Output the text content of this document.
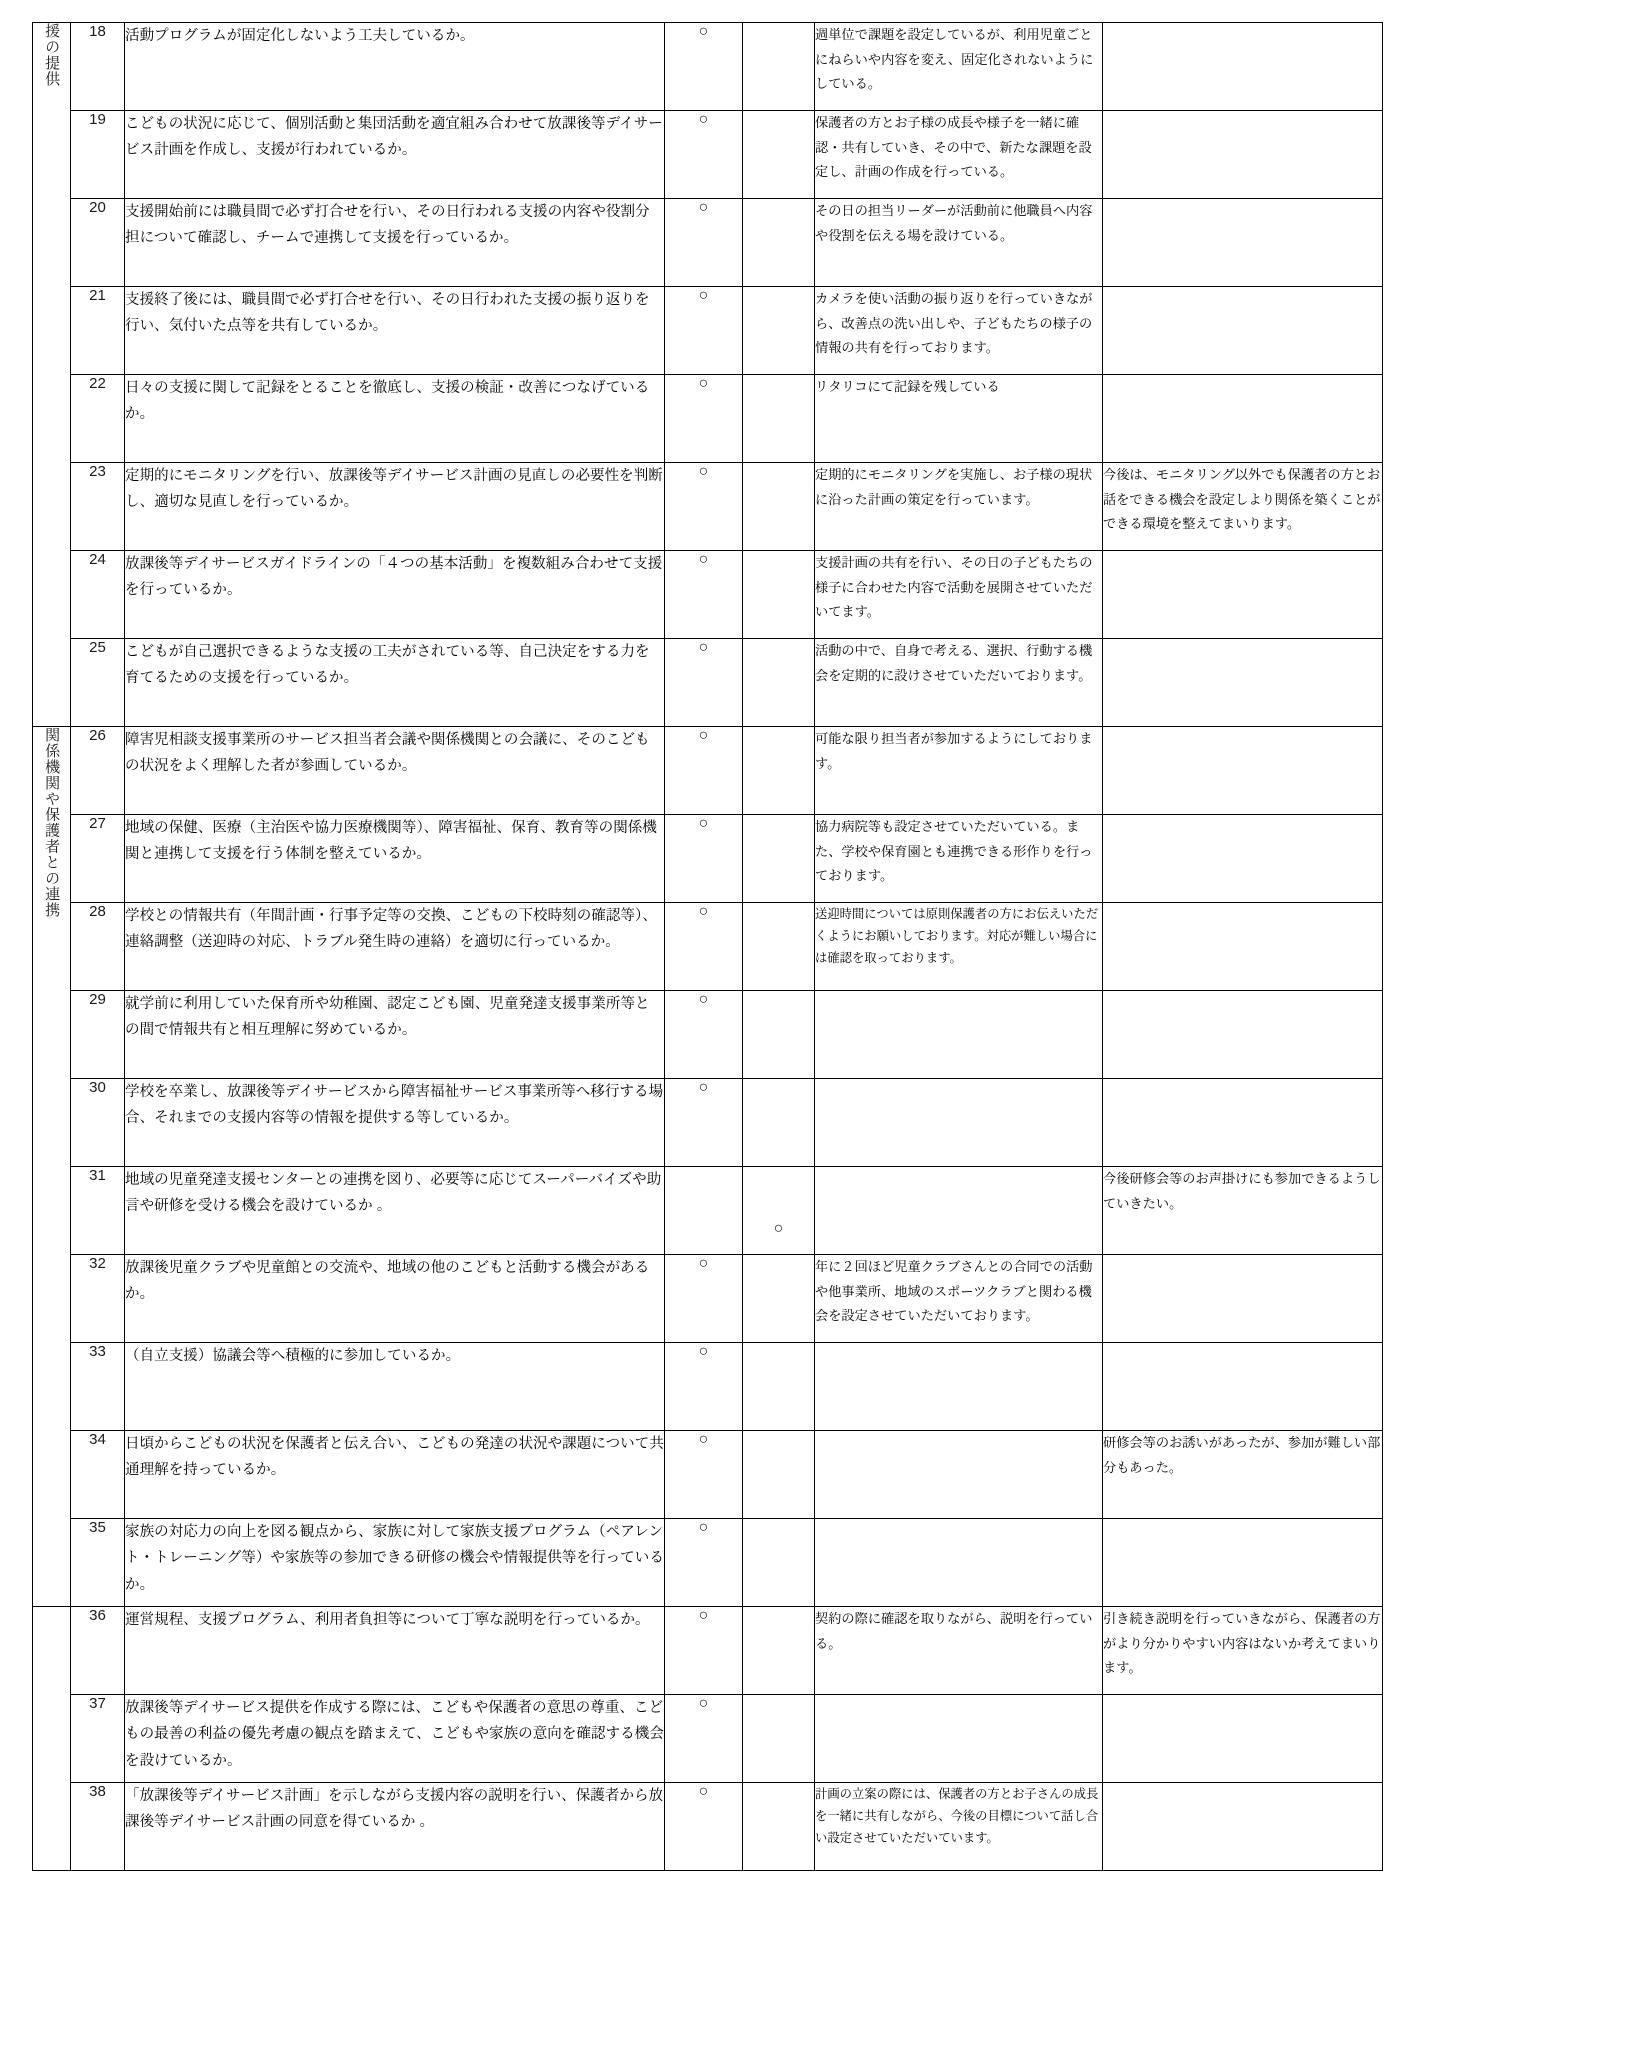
援の提供	18	活動プログラムが固定化しないよう工夫しているか。	○		週単位で課題を設定しているが、利用児童ごとにねらいや内容を変え、固定化されないようにしている。	
	19	こどもの状況に応じて、個別活動と集団活動を適宜組み合わせて放課後等デイサービス計画を作成し、支援が行われているか。	○		保護者の方とお子様の成長や様子を一緒に確認・共有していき、その中で、新たな課題を設定し、計画の作成を行っている。	
	20	支援開始前には職員間で必ず打合せを行い、その日行われる支援の内容や役割分担について確認し、チームで連携して支援を行っているか。	○		その日の担当リーダーが活動前に他職員へ内容や役割を伝える場を設けている。	
	21	支援終了後には、職員間で必ず打合せを行い、その日行われた支援の振り返りを行い、気付いた点等を共有しているか。	○		カメラを使い活動の振り返りを行っていきながら、改善点の洗い出しや、子どもたちの様子の情報の共有を行っております。	
	22	日々の支援に関して記録をとることを徹底し、支援の検証・改善につなげているか。	○		リタリコにて記録を残している	
	23	定期的にモニタリングを行い、放課後等デイサービス計画の見直しの必要性を判断し、適切な見直しを行っているか。	○		定期的にモニタリングを実施し、お子様の現状に沿った計画の策定を行っています。	今後は、モニタリング以外でも保護者の方とお話をできる機会を設定しより関係を築くことができる環境を整えてまいります。
	24	放課後等デイサービスガイドラインの「４つの基本活動」を複数組み合わせて支援を行っているか。	○		支援計画の共有を行い、その日の子どもたちの様子に合わせた内容で活動を展開させていただいてます。	
	25	こどもが自己選択できるような支援の工夫がされている等、自己決定をする力を育てるための支援を行っているか。	○		活動の中で、自身で考える、選択、行動する機会を定期的に設けさせていただいております。	
関係機関や保護者との連携	26	障害児相談支援事業所のサービス担当者会議や関係機関との会議に、そのこどもの状況をよく理解した者が参画しているか。	○		可能な限り担当者が参加するようにしております。	
	27	地域の保健、医療（主治医や協力医療機関等）、障害福祉、保育、教育等の関係機関と連携して支援を行う体制を整えているか。	○		協力病院等も設定させていただいている。また、学校や保育園とも連携できる形作りを行っております。	
	28	学校との情報共有（年間計画・行事予定等の交換、こどもの下校時刻の確認等）、連絡調整（送迎時の対応、トラブル発生時の連絡）を適切に行っているか。	○		送迎時間については原則保護者の方にお伝えいただくようにお願いしております。対応が難しい場合には確認を取っております。	
	29	就学前に利用していた保育所や幼稚園、認定こども園、児童発達支援事業所等との間で情報共有と相互理解に努めているか。	○			
	30	学校を卒業し、放課後等デイサービスから障害福祉サービス事業所等へ移行する場合、それまでの支援内容等の情報を提供する等しているか。	○			
	31	地域の児童発達支援センターとの連携を図り、必要等に応じてスーパーバイズや助言や研修を受ける機会を設けているか 。		○		今後研修会等のお声掛けにも参加できるようしていきたい。
	32	放課後児童クラブや児童館との交流や、地域の他のこどもと活動する機会があるか。	○		年に２回ほど児童クラブさんとの合同での活動や他事業所、地域のスポーツクラブと関わる機会を設定させていただいております。	
	33	（自立支援）協議会等へ積極的に参加しているか。	○			
	34	日頃からこどもの状況を保護者と伝え合い、こどもの発達の状況や課題について共通理解を持っているか。	○			研修会等のお誘いがあったが、参加が難しい部分もあった。
	35	家族の対応力の向上を図る観点から、家族に対して家族支援プログラム（ペアレント・トレーニング等）や家族等の参加できる研修の機会や情報提供等を行っているか。	○			
	36	運営規程、支援プログラム、利用者負担等について丁寧な説明を行っているか。	○		契約の際に確認を取りながら、説明を行っている。	引き続き説明を行っていきながら、保護者の方がより分かりやすい内容はないか考えてまいります。
	37	放課後等デイサービス提供を作成する際には、こどもや保護者の意思の尊重、こどもの最善の利益の優先考慮の観点を踏まえて、こどもや家族の意向を確認する機会を設けているか。	○			
	38	「放課後等デイサービス計画」を示しながら支援内容の説明を行い、保護者から放課後等デイサービス計画の同意を得ているか 。	○		計画の立案の際には、保護者の方とお子さんの成長を一緒に共有しながら、今後の目標について話し合い設定させていただいています。	
